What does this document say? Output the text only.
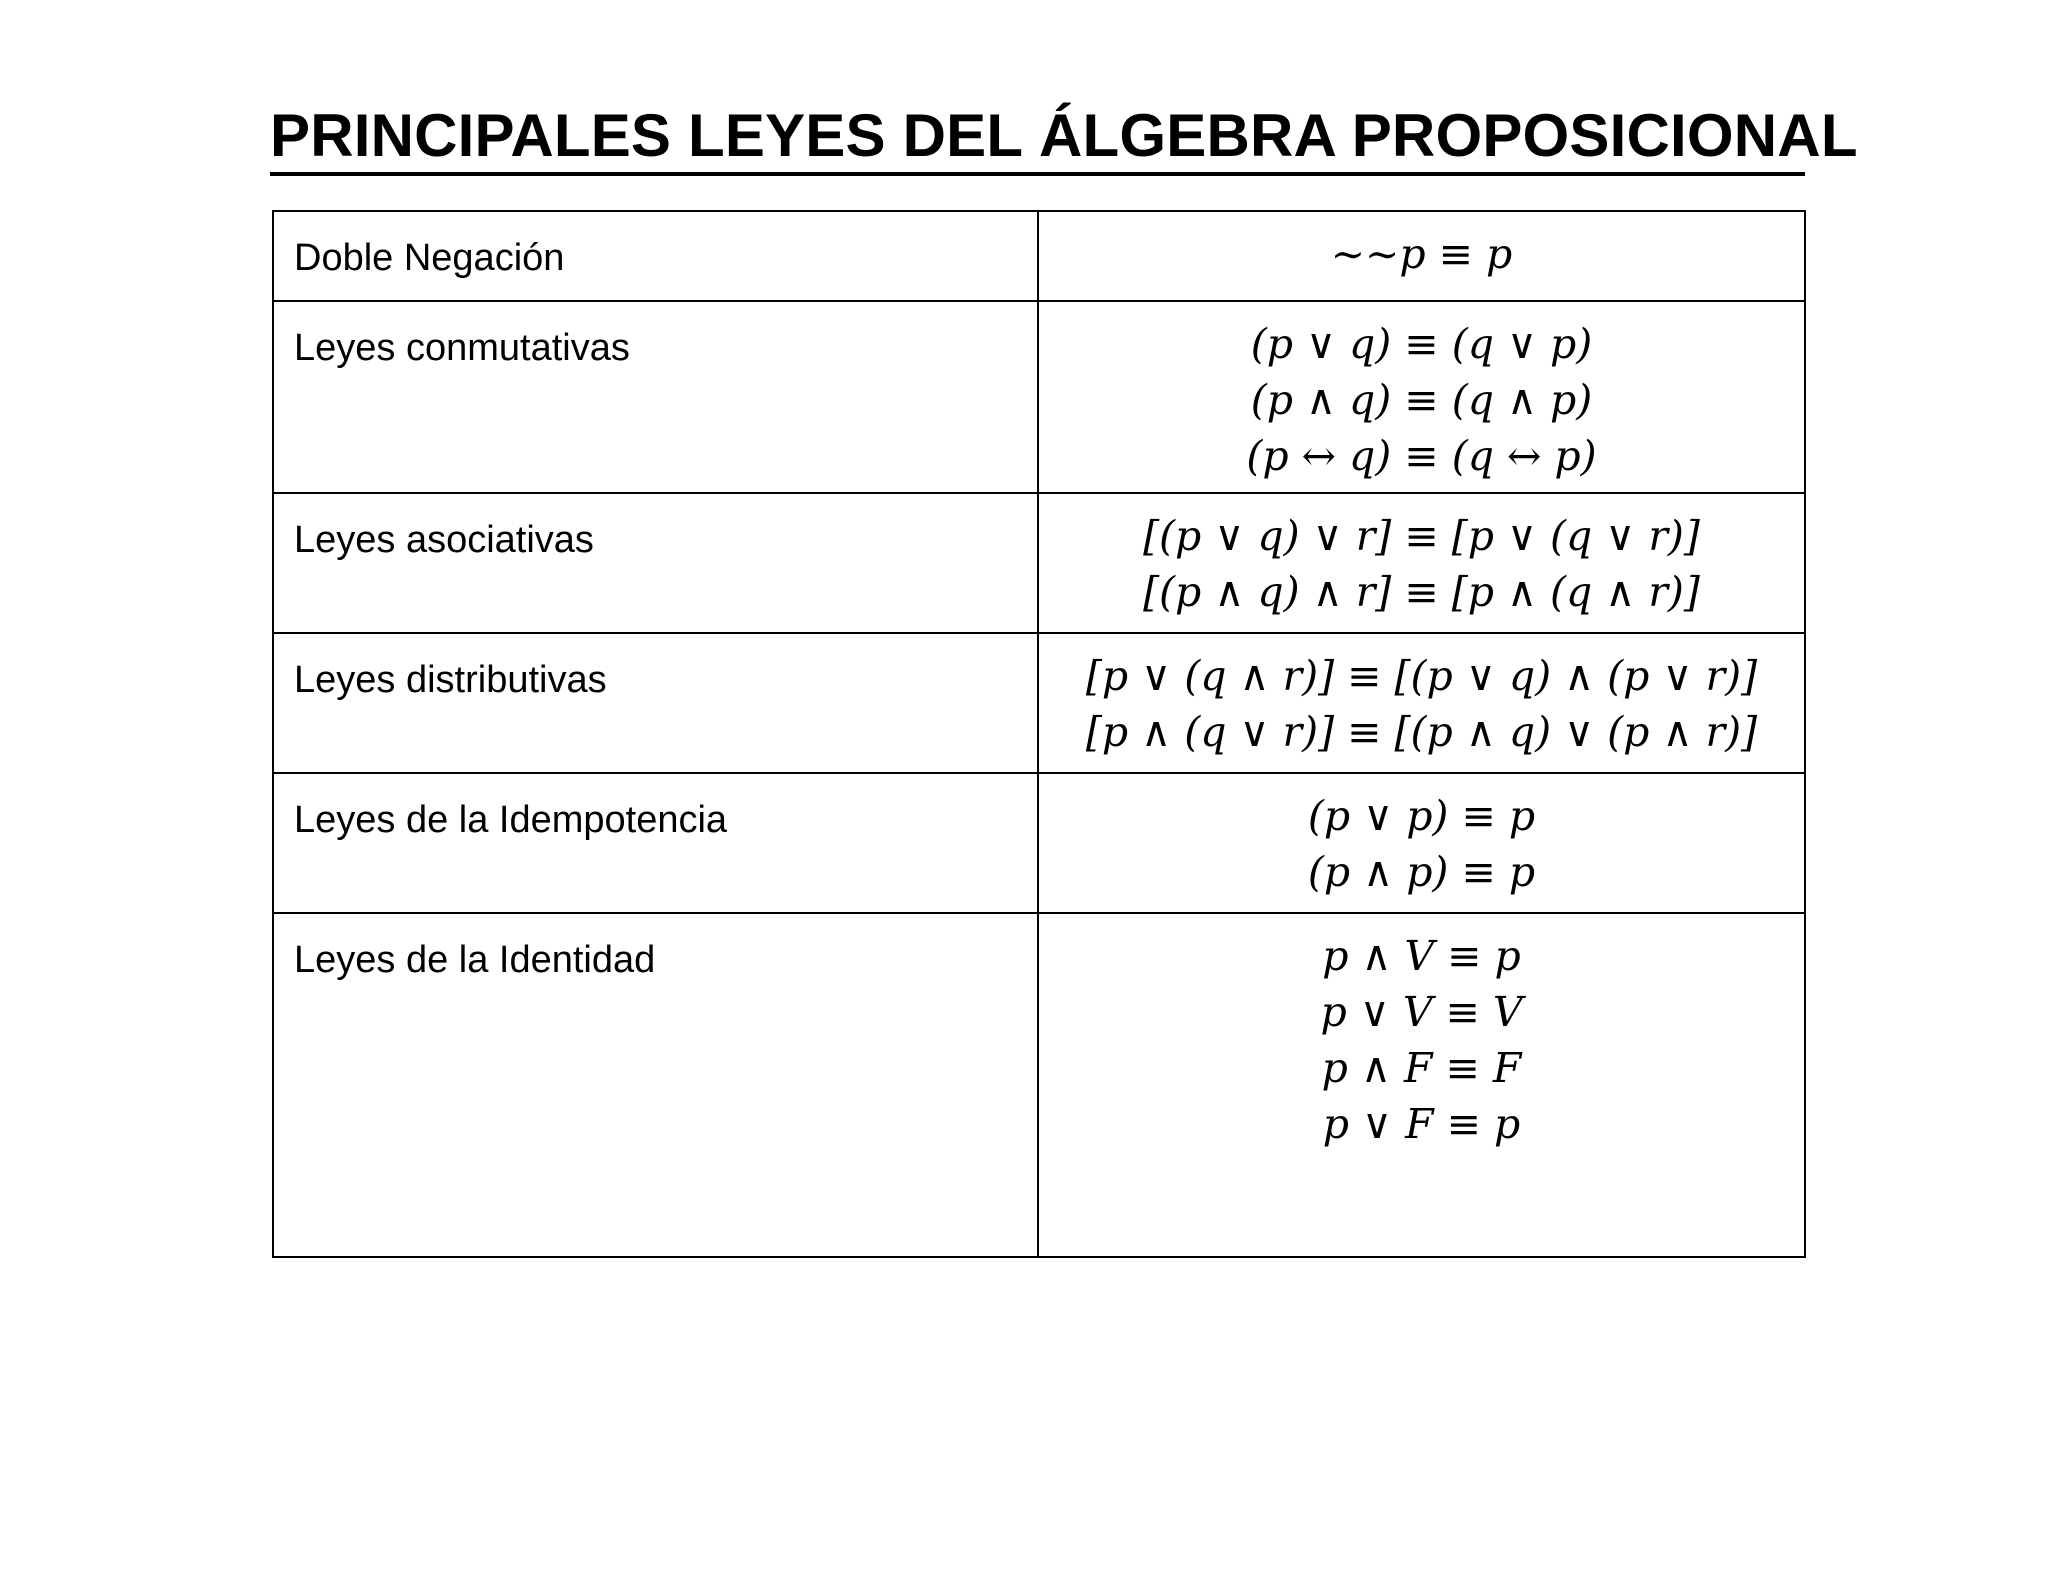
PRINCIPALES LEYES DEL ÁLGEBRA PROPOSICIONAL
Doble Negación	∼∼p ≡ p

Leyes conmutativas	(p ∨ q) ≡ (q ∨ p)
(p ∧ q) ≡ (q ∧ p)
(p ↔ q) ≡ (q ↔ p)

Leyes asociativas	[(p ∨ q) ∨ r] ≡ [p ∨ (q ∨ r)]
[(p ∧ q) ∧ r] ≡ [p ∧ (q ∧ r)]

Leyes distributivas	[p ∨ (q ∧ r)] ≡ [(p ∨ q) ∧ (p ∨ r)]
[p ∧ (q ∨ r)] ≡ [(p ∧ q) ∨ (p ∧ r)]

Leyes de la Idempotencia	(p ∨ p) ≡ p
(p ∧ p) ≡ p

Leyes de la Identidad	p ∧ V ≡ p
p ∨ V ≡ V
p ∧ F ≡ F
p ∨ F ≡ p
